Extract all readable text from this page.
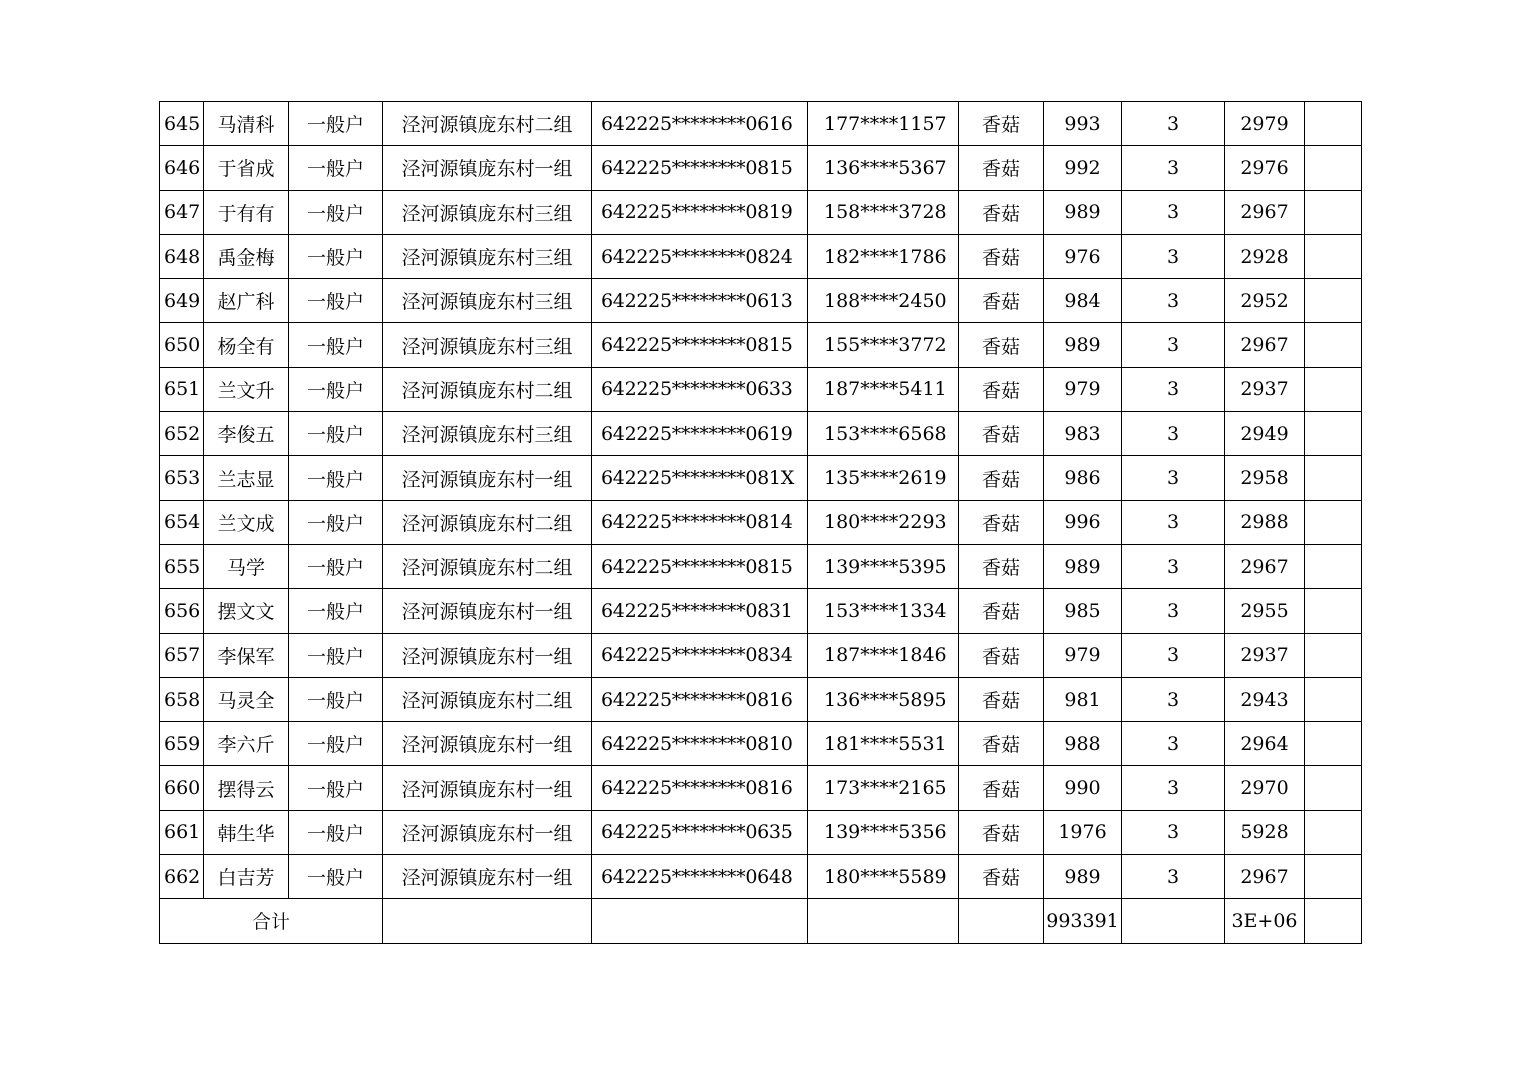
645	马清科	一般户	泾河源镇庞东村二组	642225********0616	177****1157	香菇	993	3	2979	
646	于省成	一般户	泾河源镇庞东村一组	642225********0815	136****5367	香菇	992	3	2976	
647	于有有	一般户	泾河源镇庞东村三组	642225********0819	158****3728	香菇	989	3	2967	
648	禹金梅	一般户	泾河源镇庞东村三组	642225********0824	182****1786	香菇	976	3	2928	
649	赵广科	一般户	泾河源镇庞东村三组	642225********0613	188****2450	香菇	984	3	2952	
650	杨全有	一般户	泾河源镇庞东村三组	642225********0815	155****3772	香菇	989	3	2967	
651	兰文升	一般户	泾河源镇庞东村二组	642225********0633	187****5411	香菇	979	3	2937	
652	李俊五	一般户	泾河源镇庞东村三组	642225********0619	153****6568	香菇	983	3	2949	
653	兰志显	一般户	泾河源镇庞东村一组	642225********081X	135****2619	香菇	986	3	2958	
654	兰文成	一般户	泾河源镇庞东村二组	642225********0814	180****2293	香菇	996	3	2988	
655	马学	一般户	泾河源镇庞东村二组	642225********0815	139****5395	香菇	989	3	2967	
656	摆文文	一般户	泾河源镇庞东村一组	642225********0831	153****1334	香菇	985	3	2955	
657	李保军	一般户	泾河源镇庞东村一组	642225********0834	187****1846	香菇	979	3	2937	
658	马灵全	一般户	泾河源镇庞东村二组	642225********0816	136****5895	香菇	981	3	2943	
659	李六斤	一般户	泾河源镇庞东村一组	642225********0810	181****5531	香菇	988	3	2964	
660	摆得云	一般户	泾河源镇庞东村一组	642225********0816	173****2165	香菇	990	3	2970	
661	韩生华	一般户	泾河源镇庞东村一组	642225********0635	139****5356	香菇	1976	3	5928	
662	白吉芳	一般户	泾河源镇庞东村一组	642225********0648	180****5589	香菇	989	3	2967	
合计							993391		3E+06	
